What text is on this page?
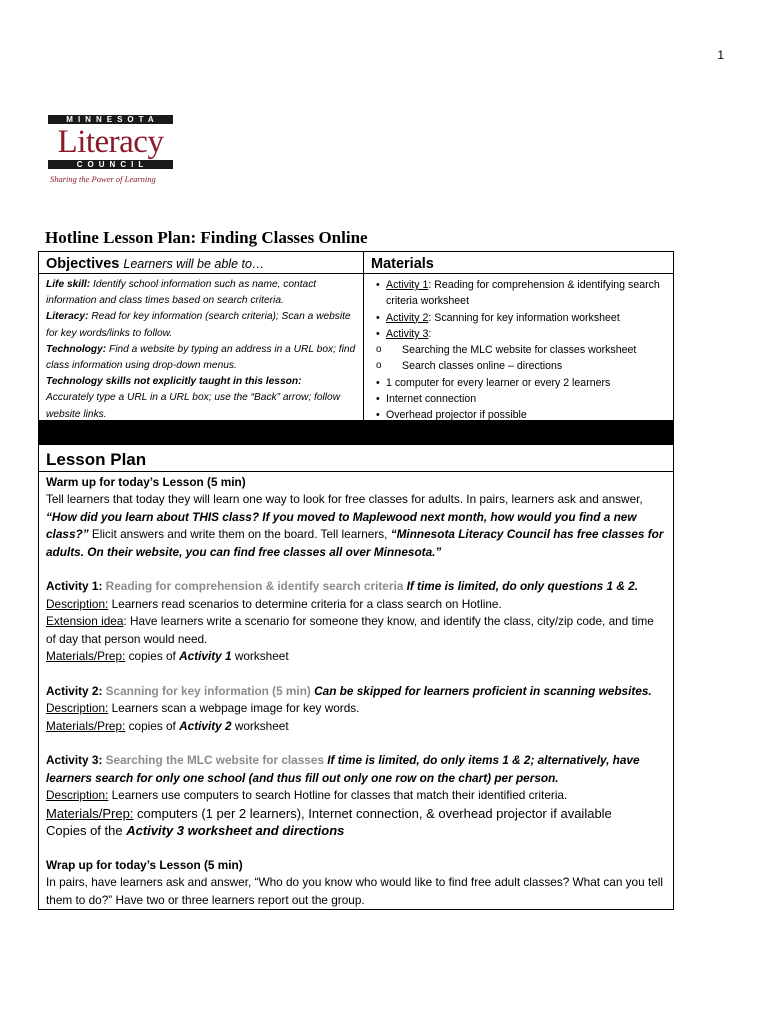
1
MINNESOTA
Literacy
COUNCIL
Sharing the Power of Learning
Hotline Lesson Plan: Finding Classes Online
Objectives Learners will be able to…
Life skill: Identify school information such as name, contact information and class times based on search criteria.
Literacy: Read for key information (search criteria); Scan a website for key words/links to follow.
Technology: Find a website by typing an address in a URL box; find class information using drop-down menus.
Technology skills not explicitly taught in this lesson:
Accurately type a URL in a URL box; use the “Back” arrow; follow website links.
Materials
• Activity 1: Reading for comprehension & identifying search criteria worksheet
• Activity 2: Scanning for key information worksheet
• Activity 3:
o Searching the MLC website for classes worksheet
o Search classes online – directions
• 1 computer for every learner or every 2 learners
• Internet connection
• Overhead projector if possible
Lesson Plan

Warm up for today’s Lesson (5 min)

Tell learners that today they will learn one way to look for free classes for adults. In pairs, learners ask and answer, “How did you learn about THIS class? If you moved to Maplewood next month, how would you find a new class?” Elicit answers and write them on the board. Tell learners, “Minnesota Literacy Council has free classes for adults. On their website, you can find free classes all over Minnesota.”

Activity 1: Reading for comprehension & identify search criteria If time is limited, do only questions 1 & 2.

Description: Learners read scenarios to determine criteria for a class search on Hotline.

Extension idea: Have learners write a scenario for someone they know, and identify the class, city/zip code, and time of day that person would need.

Materials/Prep: copies of Activity 1 worksheet

Activity 2: Scanning for key information (5 min) Can be skipped for learners proficient in scanning websites.

Description: Learners scan a webpage image for key words.

Materials/Prep: copies of Activity 2 worksheet

Activity 3: Searching the MLC website for classes If time is limited, do only items 1 & 2; alternatively, have learners search for only one school (and thus fill out only one row on the chart) per person.

Description: Learners use computers to search Hotline for classes that match their identified criteria.

Materials/Prep: computers (1 per 2 learners), Internet connection, & overhead projector if available

Copies of the Activity 3 worksheet and directions

Wrap up for today’s Lesson (5 min)

In pairs, have learners ask and answer, “Who do you know who would like to find free adult classes? What can you tell them to do?” Have two or three learners report out the group.
